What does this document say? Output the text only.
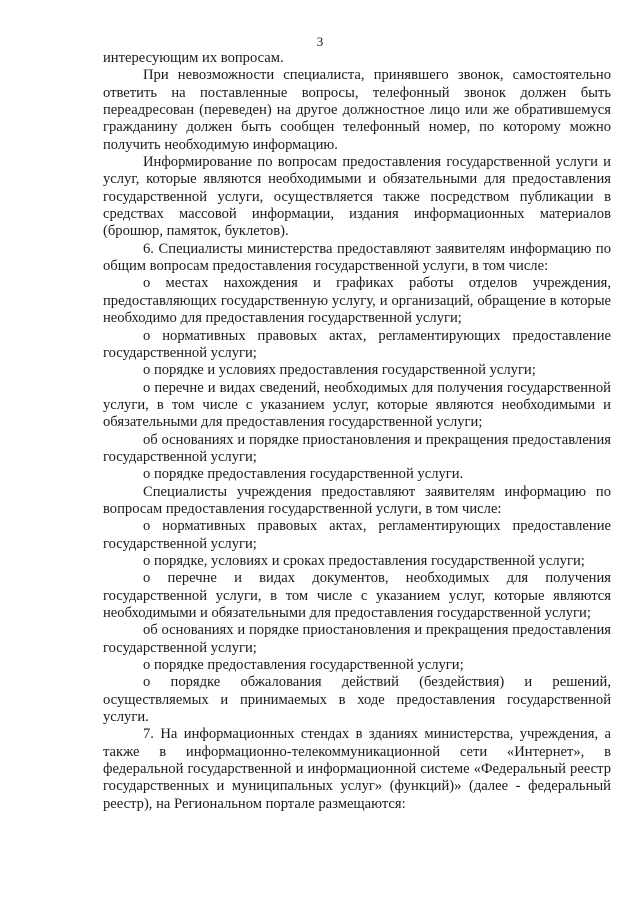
3

интересующим их вопросам.

При невозможности специалиста, принявшего звонок, самостоятельно ответить на поставленные вопросы, телефонный звонок должен быть переадресован (переведен) на другое должностное лицо или же обратившемуся гражданину должен быть сообщен телефонный номер, по которому можно получить необходимую информацию.

Информирование по вопросам предоставления государственной услуги и услуг, которые являются необходимыми и обязательными для предоставления государственной услуги, осуществляется также посредством публикации в средствах массовой информации, издания информационных материалов (брошюр, памяток, буклетов).

6. Специалисты министерства предоставляют заявителям информацию по общим вопросам предоставления государственной услуги, в том числе:

о местах нахождения и графиках работы отделов учреждения, предоставляющих государственную услугу, и организаций, обращение в которые необходимо для предоставления государственной услуги;

о нормативных правовых актах, регламентирующих предоставление государственной услуги;

о порядке и условиях предоставления государственной услуги;

о перечне и видах сведений, необходимых для получения государственной услуги, в том числе с указанием услуг, которые являются необходимыми и обязательными для предоставления государственной услуги;

об основаниях и порядке приостановления и прекращения предоставления государственной услуги;

о порядке предоставления государственной услуги.

Специалисты учреждения предоставляют заявителям информацию по вопросам предоставления государственной услуги, в том числе:

о нормативных правовых актах, регламентирующих предоставление государственной услуги;

о порядке, условиях и сроках предоставления государственной услуги;

о перечне и видах документов, необходимых для получения государственной услуги, в том числе с указанием услуг, которые являются необходимыми и обязательными для предоставления государственной услуги;

об основаниях и порядке приостановления и прекращения предоставления государственной услуги;

о порядке предоставления государственной услуги;

о порядке обжалования действий (бездействия) и решений, осуществляемых и принимаемых в ходе предоставления государственной услуги.

7. На информационных стендах в зданиях министерства, учреждения, а также в информационно-телекоммуникационной сети «Интернет», в федеральной государственной и информационной системе «Федеральный реестр государственных и муниципальных услуг» (функций)» (далее - федеральный реестр), на Региональном портале размещаются:
